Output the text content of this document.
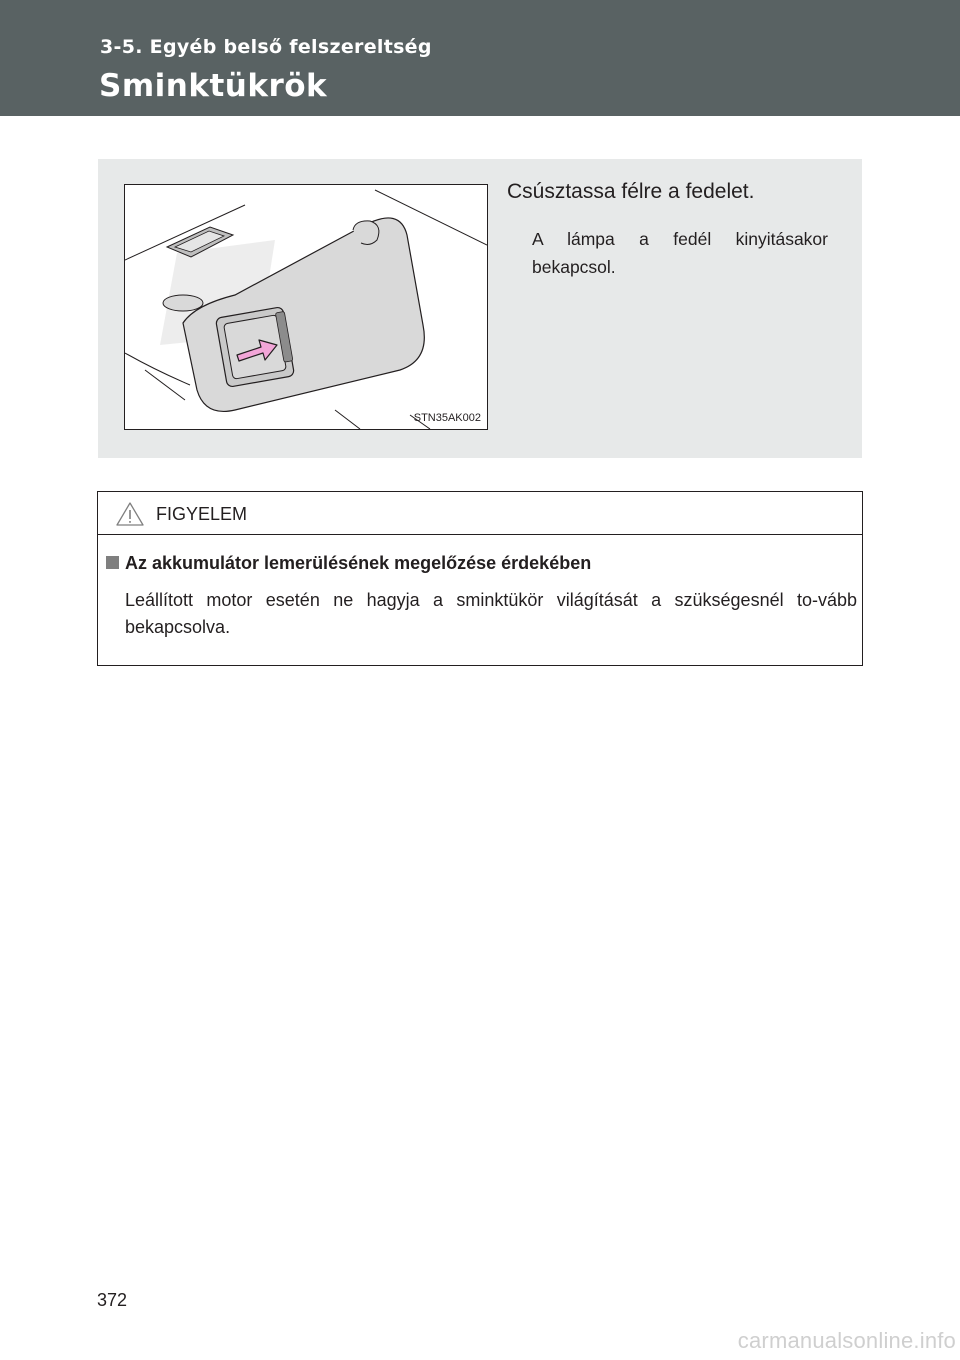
3-5. Egyéb belső felszereltség
Sminktükrök
STN35AK002
Csúsztassa félre a fedelet.
A lámpa a fedél kinyitásakor bekapcsol.
FIGYELEM
Az akkumulátor lemerülésének megelőzése érdekében
Leállított motor esetén ne hagyja a sminktükör világítását a szükségesnél to-vább bekapcsolva.
372
carmanualsonline.info
